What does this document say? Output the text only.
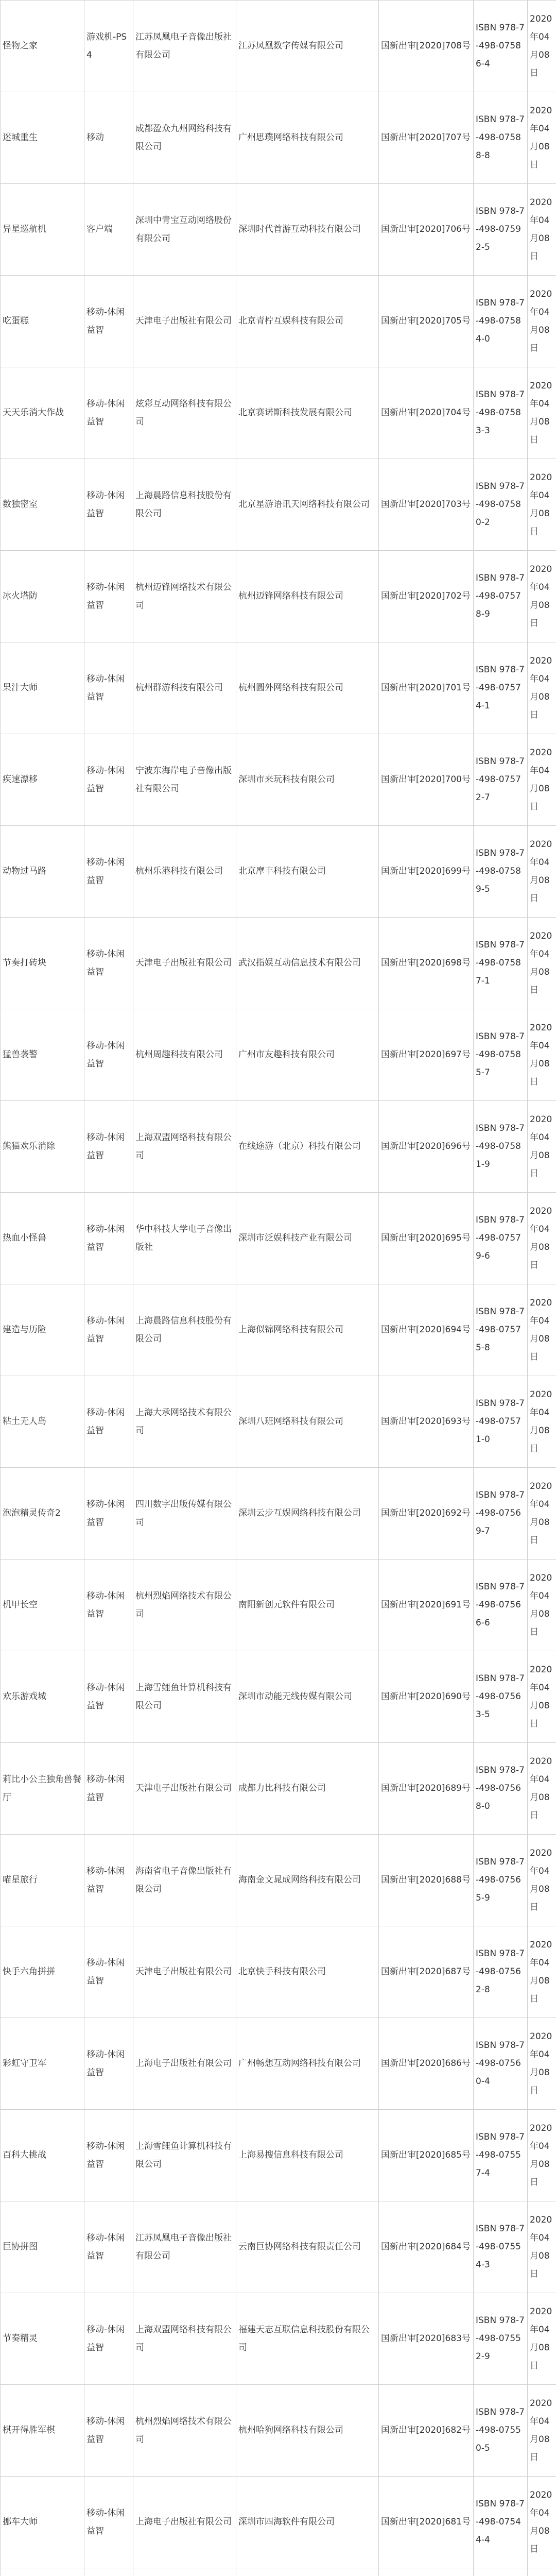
怪物之家	游戏机-PS4	江苏凤凰电子音像出版社有限公司	江苏凤凰数字传媒有限公司	国新出审[2020]708号	ISBN 978-7-498-07586-4	2020年04月08日
迷城重生	移动	成都盈众九州网络科技有限公司	广州思璞网络科技有限公司	国新出审[2020]707号	ISBN 978-7-498-07588-8	2020年04月08日
异星巡航机	客户端	深圳中青宝互动网络股份有限公司	深圳时代首游互动科技有限公司	国新出审[2020]706号	ISBN 978-7-498-07592-5	2020年04月08日
吃蛋糕	移动-休闲益智	天津电子出版社有限公司	北京青柠互娱科技有限公司	国新出审[2020]705号	ISBN 978-7-498-07584-0	2020年04月08日
天天乐消大作战	移动-休闲益智	炫彩互动网络科技有限公司	北京赛诺斯科技发展有限公司	国新出审[2020]704号	ISBN 978-7-498-07583-3	2020年04月08日
数独密室	移动-休闲益智	上海晨路信息科技股份有限公司	北京星游语讯天网络科技有限公司	国新出审[2020]703号	ISBN 978-7-498-07580-2	2020年04月08日
冰火塔防	移动-休闲益智	杭州迈锋网络技术有限公司	杭州迈锋网络科技有限公司	国新出审[2020]702号	ISBN 978-7-498-07578-9	2020年04月08日
果汁大师	移动-休闲益智	杭州群游科技有限公司	杭州圆外网络科技有限公司	国新出审[2020]701号	ISBN 978-7-498-07574-1	2020年04月08日
疾速漂移	移动-休闲益智	宁波东海岸电子音像出版社有限公司	深圳市来玩科技有限公司	国新出审[2020]700号	ISBN 978-7-498-07572-7	2020年04月08日
动物过马路	移动-休闲益智	杭州乐港科技有限公司	北京摩丰科技有限公司	国新出审[2020]699号	ISBN 978-7-498-07589-5	2020年04月08日
节奏打砖块	移动-休闲益智	天津电子出版社有限公司	武汉指娱互动信息技术有限公司	国新出审[2020]698号	ISBN 978-7-498-07587-1	2020年04月08日
猛兽袭警	移动-休闲益智	杭州周趣科技有限公司	广州市友趣科技有限公司	国新出审[2020]697号	ISBN 978-7-498-07585-7	2020年04月08日
熊猫欢乐消除	移动-休闲益智	上海双盟网络科技有限公司	在线途游（北京）科技有限公司	国新出审[2020]696号	ISBN 978-7-498-07581-9	2020年04月08日
热血小怪兽	移动-休闲益智	华中科技大学电子音像出版社	深圳市泛娱科技产业有限公司	国新出审[2020]695号	ISBN 978-7-498-07579-6	2020年04月08日
建造与历险	移动-休闲益智	上海晨路信息科技股份有限公司	上海似锦网络科技有限公司	国新出审[2020]694号	ISBN 978-7-498-07575-8	2020年04月08日
粘土无人岛	移动-休闲益智	上海大承网络技术有限公司	深圳八班网络科技有限公司	国新出审[2020]693号	ISBN 978-7-498-07571-0	2020年04月08日
泡泡精灵传奇2	移动-休闲益智	四川数字出版传媒有限公司	深圳云步互娱网络科技有限公司	国新出审[2020]692号	ISBN 978-7-498-07569-7	2020年04月08日
机甲长空	移动-休闲益智	杭州烈焰网络技术有限公司	南阳新创元软件有限公司	国新出审[2020]691号	ISBN 978-7-498-07566-6	2020年04月08日
欢乐游戏城	移动-休闲益智	上海雪鲤鱼计算机科技有限公司	深圳市动能无线传媒有限公司	国新出审[2020]690号	ISBN 978-7-498-07563-5	2020年04月08日
莉比小公主独角兽餐厅	移动-休闲益智	天津电子出版社有限公司	成都力比科技有限公司	国新出审[2020]689号	ISBN 978-7-498-07568-0	2020年04月08日
喵星旅行	移动-休闲益智	海南省电子音像出版社有限公司	海南金文晁成网络科技有限公司	国新出审[2020]688号	ISBN 978-7-498-07565-9	2020年04月08日
快手六角拼拼	移动-休闲益智	天津电子出版社有限公司	北京快手科技有限公司	国新出审[2020]687号	ISBN 978-7-498-07562-8	2020年04月08日
彩虹守卫军	移动-休闲益智	上海电子出版社有限公司	广州畅想互动网络科技有限公司	国新出审[2020]686号	ISBN 978-7-498-07560-4	2020年04月08日
百科大挑战	移动-休闲益智	上海雪鲤鱼计算机科技有限公司	上海易搜信息科技有限公司	国新出审[2020]685号	ISBN 978-7-498-07557-4	2020年04月08日
巨协拼图	移动-休闲益智	江苏凤凰电子音像出版社有限公司	云南巨协网络科技有限责任公司	国新出审[2020]684号	ISBN 978-7-498-07554-3	2020年04月08日
节奏精灵	移动-休闲益智	上海双盟网络科技有限公司	福建天志互联信息科技股份有限公司	国新出审[2020]683号	ISBN 978-7-498-07552-9	2020年04月08日
棋开得胜军棋	移动-休闲益智	杭州烈焰网络技术有限公司	杭州哈狗网络科技有限公司	国新出审[2020]682号	ISBN 978-7-498-07550-5	2020年04月08日
挪车大师	移动-休闲益智	上海电子出版社有限公司	深圳市四海软件有限公司	国新出审[2020]681号	ISBN 978-7-498-07544-4	2020年04月08日
